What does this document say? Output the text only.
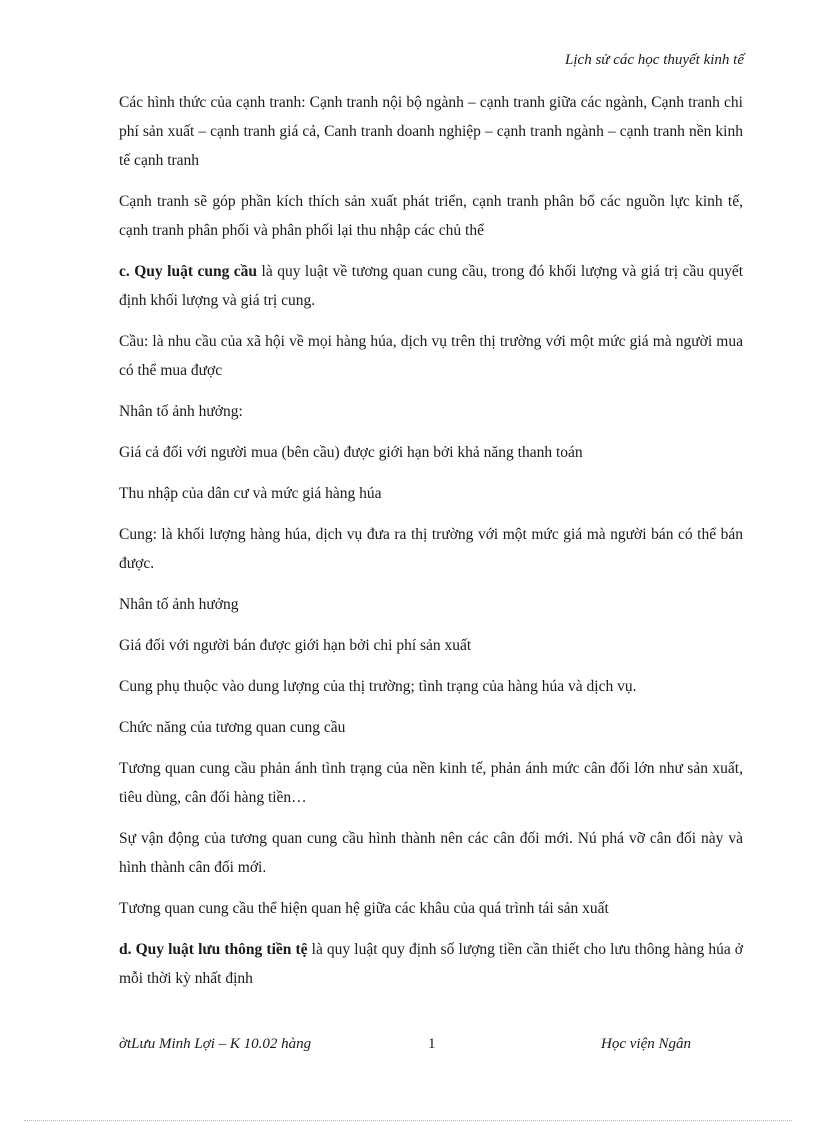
Lịch sử các học thuyết kinh tế

Các hình thức của cạnh tranh: Cạnh tranh nội bộ ngành – cạnh tranh giữa các ngành, Cạnh tranh chi phí sản xuất – cạnh tranh giá cả, Canh tranh doanh nghiệp – cạnh tranh ngành – cạnh tranh nền kinh tế cạnh tranh

Cạnh tranh sẽ góp phần kích thích sản xuất phát triển, cạnh tranh phân bổ các nguồn lực kinh tế, cạnh tranh phân phối và phân phối lại thu nhập các chủ thể

c. Quy luật cung cầu là quy luật về tương quan cung cầu, trong đó khối lượng và giá trị cầu quyết định khối lượng và giá trị cung.

Cầu: là nhu cầu của xã hội về mọi hàng húa, dịch vụ trên thị trường với một mức giá mà người mua có thể mua được

Nhân tố ảnh hưởng:

Giá cả đối với người mua (bên cầu) được giới hạn bởi khả năng thanh toán

Thu nhập của dân cư và mức giá hàng húa

Cung: là khối lượng hàng húa, dịch vụ đưa ra thị trường với một mức giá mà người bán có thể bán được.

Nhân tố ảnh hưởng

Giá đối với người bán được giới hạn bởi chi phí sản xuất

Cung phụ thuộc vào dung lượng của thị trường; tình trạng của hàng húa và dịch vụ.

Chức năng của tương quan cung cầu

Tương quan cung cầu phản ánh tình trạng của nền kinh tế, phản ánh mức cân đối lớn như sản xuất, tiêu dùng, cân đối hàng tiền…

Sự vận động của tương quan cung cầu hình thành nên các cân đối mới. Nú phá vỡ cân đối này và hình thành cân đối mới.

Tương quan cung cầu thể hiện quan hệ giữa các khâu của quá trình tái sản xuất

d. Quy luật lưu thông tiền tệ là quy luật quy định số lượng tiền cần thiết cho lưu thông hàng húa ở mỗi thời kỳ nhất định

ờtLưu Minh Lợi – K 10.02 hàng	1	Học viện Ngân
